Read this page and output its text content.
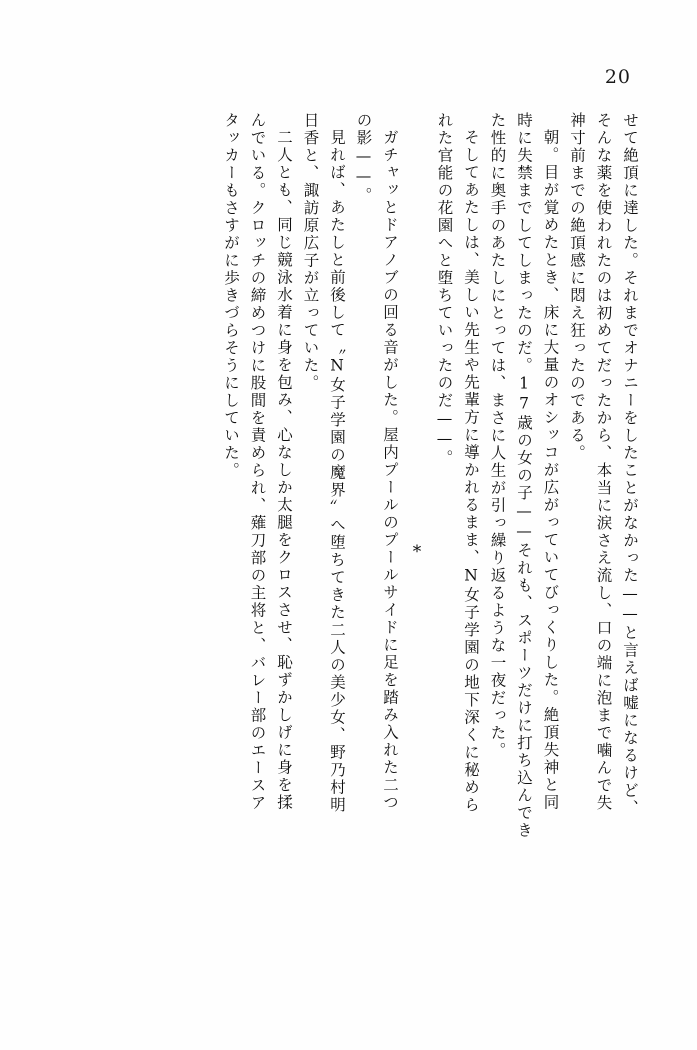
20
せて絶頂に達した。それまでオナニーをしたことがなかった——と言えば嘘になるけど、
そんな薬を使われたのは初めてだったから、本当に涙さえ流し、口の端に泡まで噛んで失
神寸前までの絶頂感に悶え狂ったのである。
朝。目が覚めたとき、床に大量のオシッコが広がっていてびっくりした。絶頂失神と同
時に失禁までしてしまったのだ。17歳の女の子——それも、スポーツだけに打ち込んでき
た性的に奥手のあたしにとっては、まさに人生が引っ繰り返るような一夜だった。
そしてあたしは、美しい先生や先輩方に導かれるまま、N女子学園の地下深くに秘めら
れた官能の花園へと堕ちていったのだ——。
*
ガチャッとドアノブの回る音がした。屋内プールのプールサイドに足を踏み入れた二つ
の影——。
見れば、あたしと前後して〝N女子学園の魔界〟へ堕ちてきた二人の美少女、野乃村明
日香と、諏訪原広子が立っていた。
二人とも、同じ競泳水着に身を包み、心なしか太腿をクロスさせ、恥ずかしげに身を揉
んでいる。クロッチの締めつけに股間を責められ、薙刀部の主将と、バレー部のエースア
タッカーもさすがに歩きづらそうにしていた。
